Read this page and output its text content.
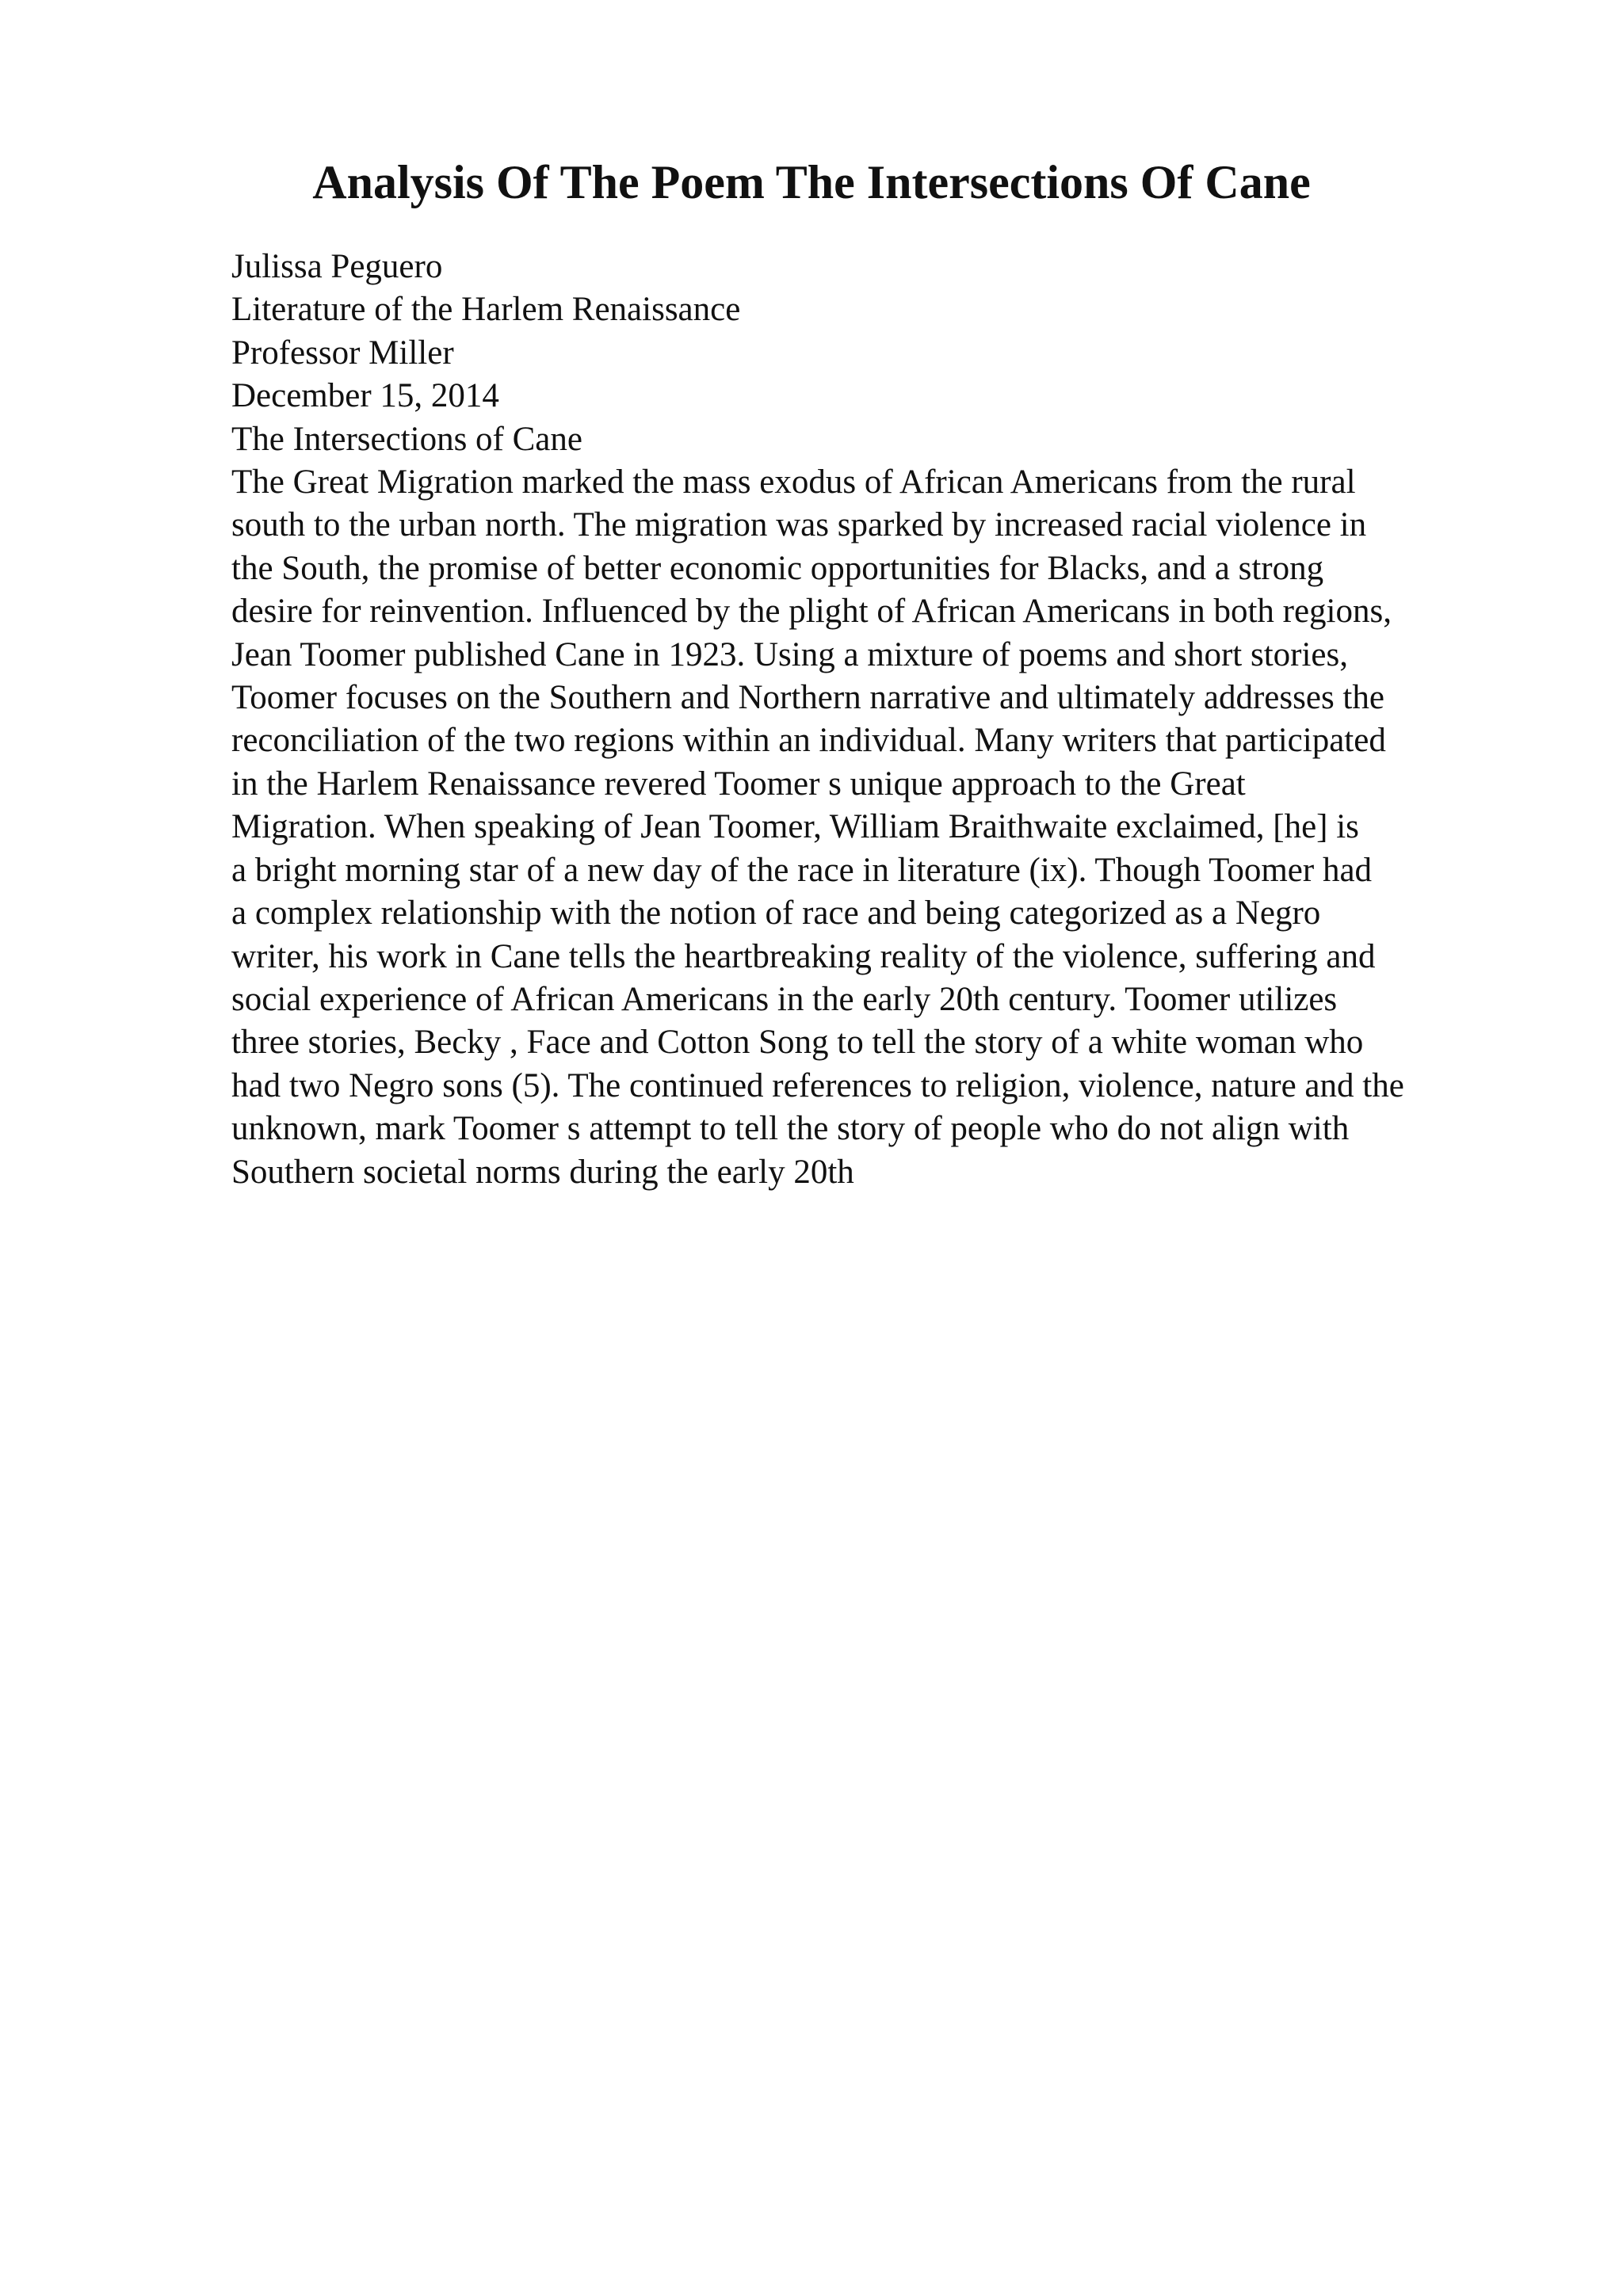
Analysis Of The Poem The Intersections Of Cane
Julissa Peguero
Literature of the Harlem Renaissance
Professor Miller
December 15, 2014
The Intersections of Cane
The Great Migration marked the mass exodus of African Americans from the rural
south to the urban north. The migration was sparked by increased racial violence in
the South, the promise of better economic opportunities for Blacks, and a strong
desire for reinvention. Influenced by the plight of African Americans in both regions,
Jean Toomer published Cane in 1923. Using a mixture of poems and short stories,
Toomer focuses on the Southern and Northern narrative and ultimately addresses the
reconciliation of the two regions within an individual. Many writers that participated
in the Harlem Renaissance revered Toomer s unique approach to the Great
Migration. When speaking of Jean Toomer, William Braithwaite exclaimed, [he] is
a bright morning star of a new day of the race in literature (ix). Though Toomer had
a complex relationship with the notion of race and being categorized as a Negro
writer, his work in Cane tells the heartbreaking reality of the violence, suffering and
social experience of African Americans in the early 20th century. Toomer utilizes
three stories, Becky , Face and Cotton Song to tell the story of a white woman who
had two Negro sons (5). The continued references to religion, violence, nature and the
unknown, mark Toomer s attempt to tell the story of people who do not align with
Southern societal norms during the early 20th
